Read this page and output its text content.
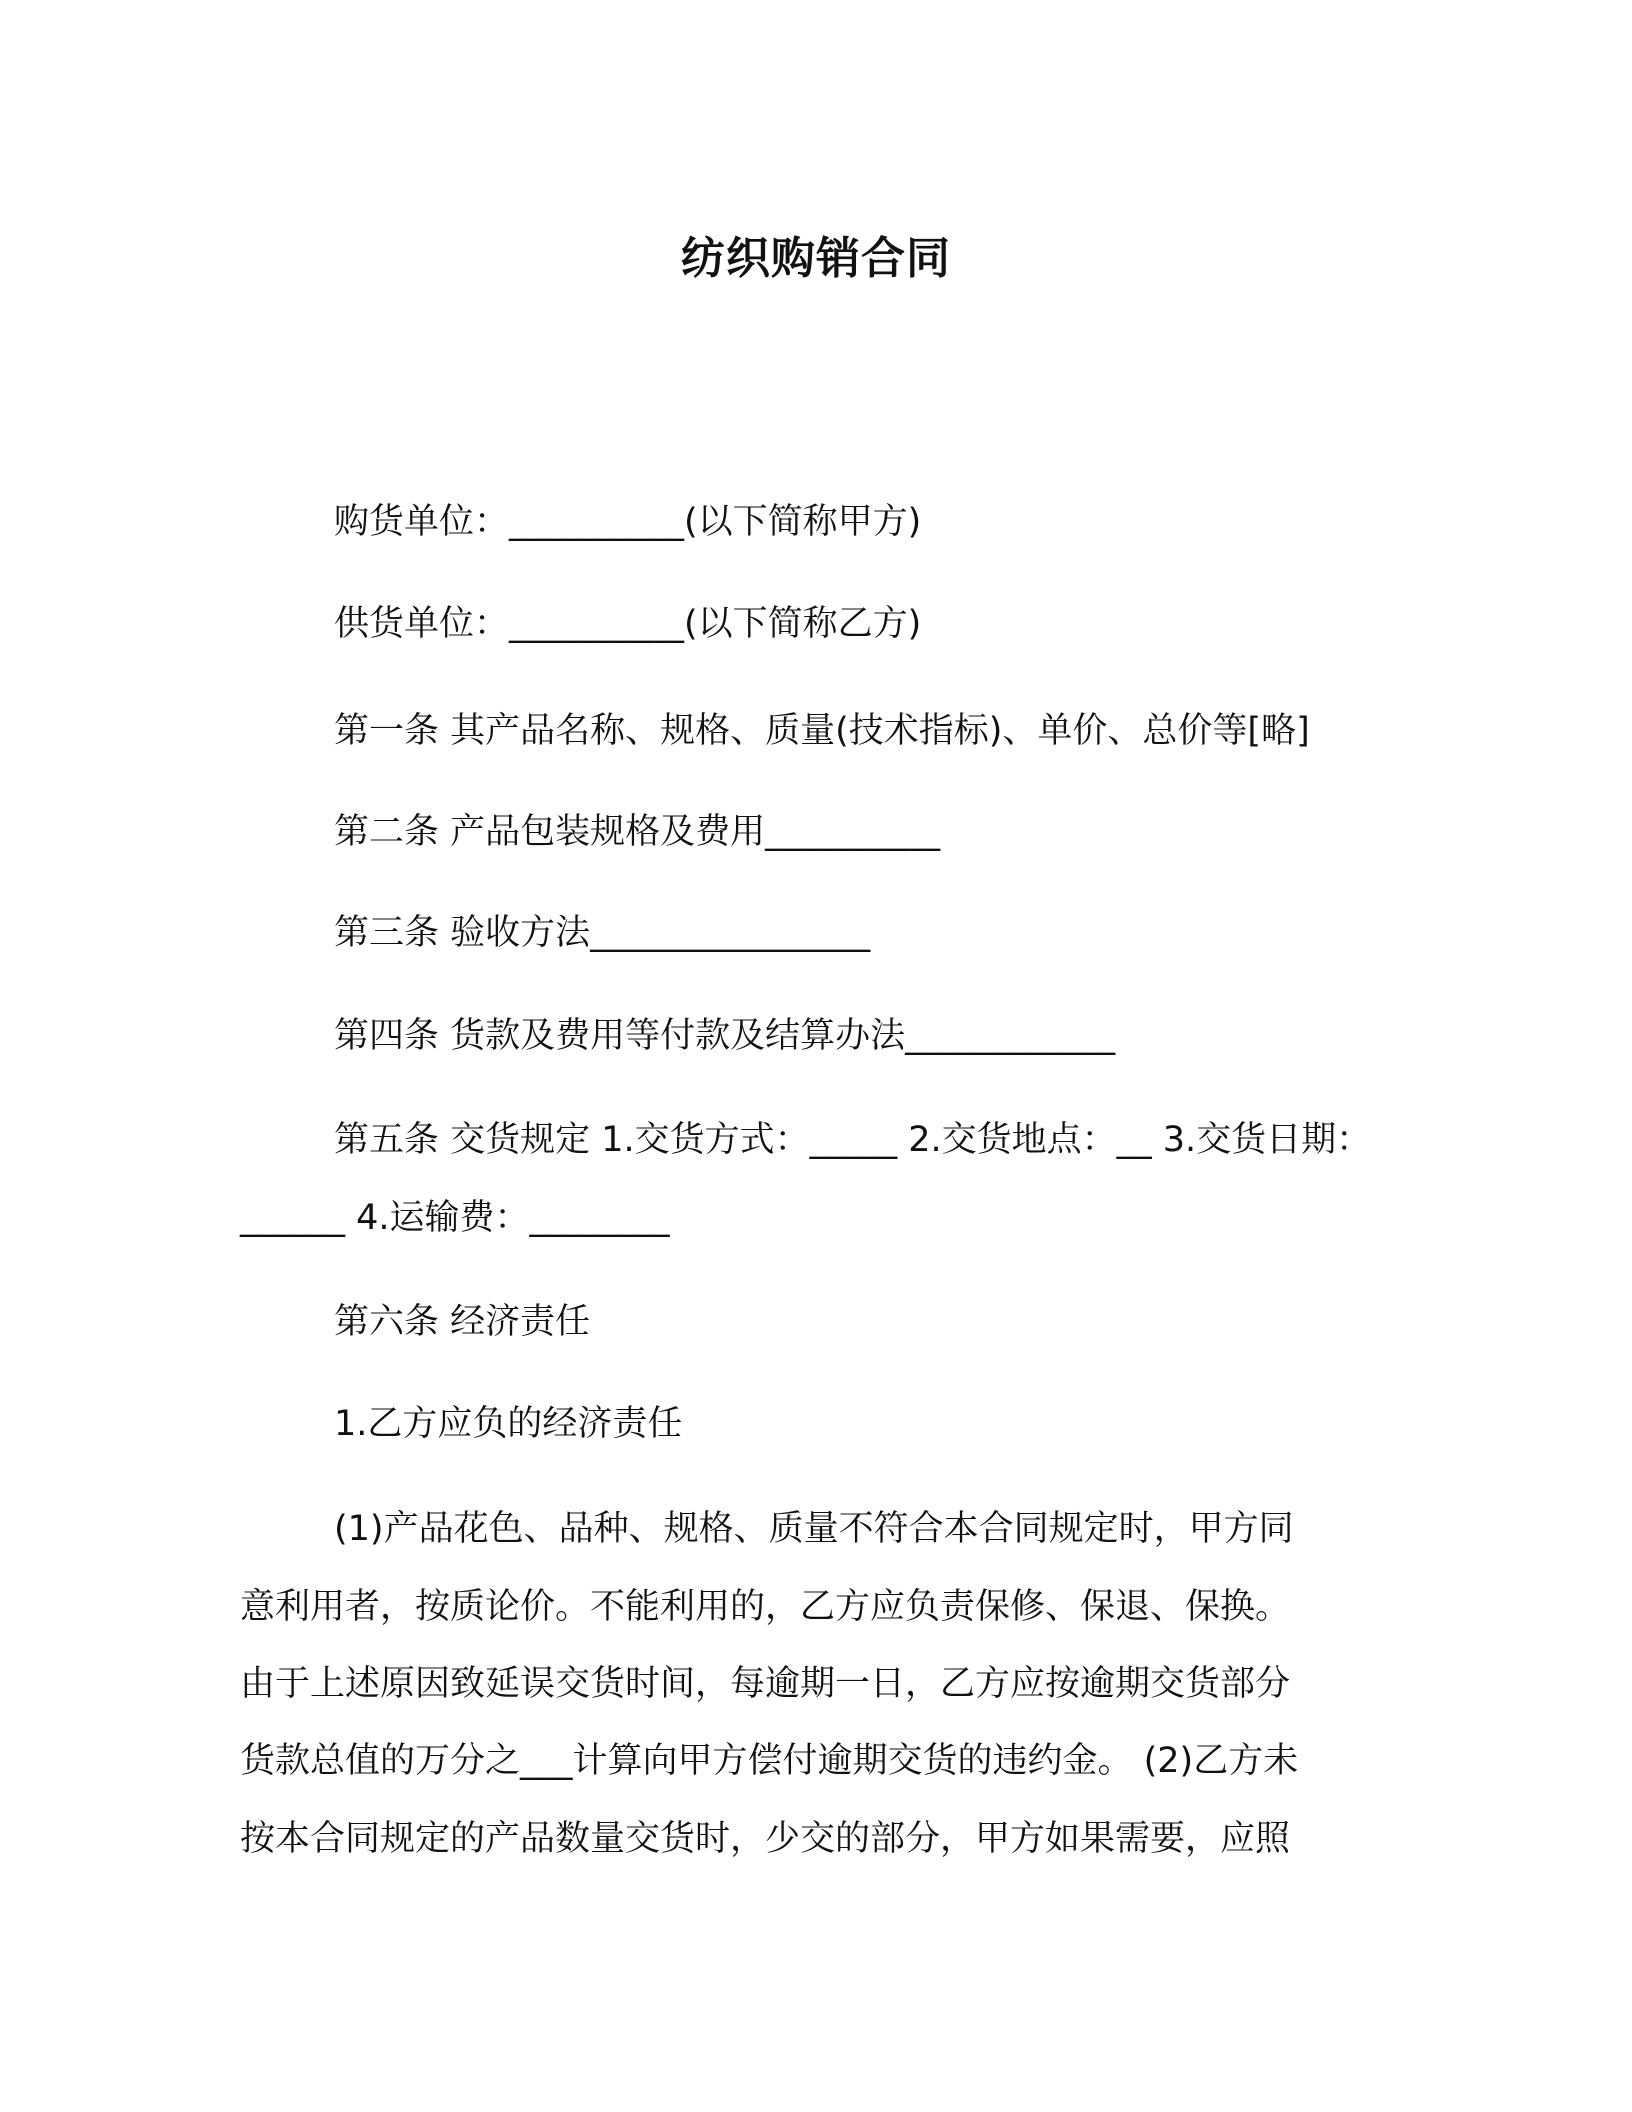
纺织购销合同

购货单位：__________(以下简称甲方)

供货单位：__________(以下简称乙方)

第一条 其产品名称、规格、质量(技术指标)、单价、总价等[略]

第二条 产品包装规格及费用__________

第三条 验收方法________________

第四条 货款及费用等付款及结算办法____________

第五条 交货规定 1.交货方式：_____ 2.交货地点：__ 3.交货日期：

______ 4.运输费：________

第六条 经济责任

1.乙方应负的经济责任

(1)产品花色、品种、规格、质量不符合本合同规定时，甲方同

意利用者，按质论价。不能利用的，乙方应负责保修、保退、保换。

由于上述原因致延误交货时间，每逾期一日，乙方应按逾期交货部分

货款总值的万分之___计算向甲方偿付逾期交货的违约金。 (2)乙方未

按本合同规定的产品数量交货时，少交的部分，甲方如果需要，应照
